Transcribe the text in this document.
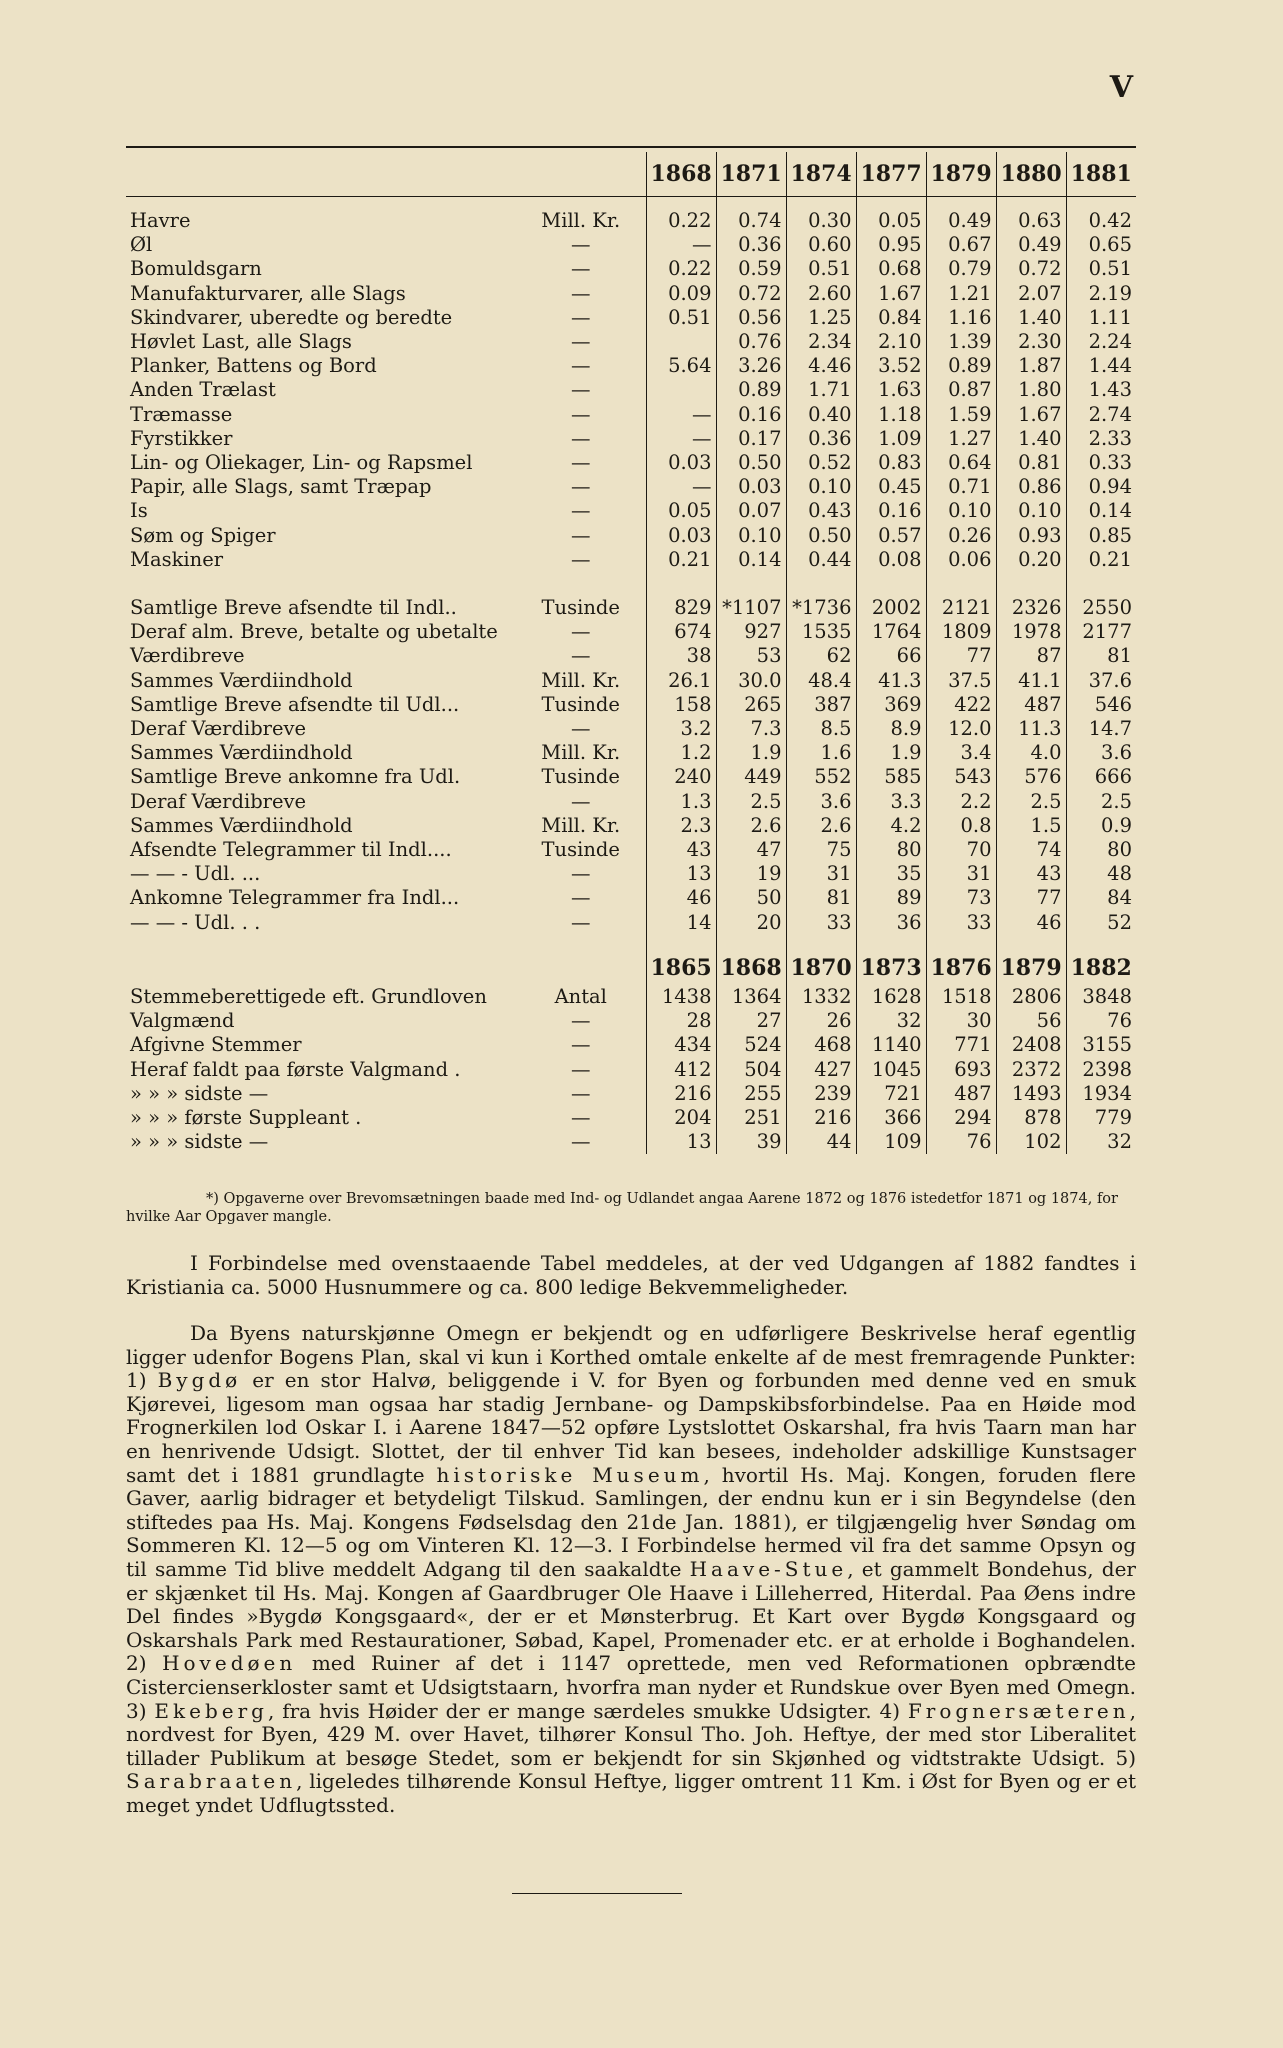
V
		1868	1871	1874	1877	1879	1880	1881
Havre	Mill. Kr.	0.22	0.74	0.30	0.05	0.49	0.63	0.42
Øl	—	—	0.36	0.60	0.95	0.67	0.49	0.65
Bomuldsgarn	—	0.22	0.59	0.51	0.68	0.79	0.72	0.51
Manufakturvarer, alle Slags	—	0.09	0.72	2.60	1.67	1.21	2.07	2.19
Skindvarer, uberedte og beredte	—	0.51	0.56	1.25	0.84	1.16	1.40	1.11
Høvlet Last, alle Slags	—		0.76	2.34	2.10	1.39	2.30	2.24
Planker, Battens og Bord	—	5.64	3.26	4.46	3.52	0.89	1.87	1.44
Anden Trælast	—		0.89	1.71	1.63	0.87	1.80	1.43
Træmasse	—	—	0.16	0.40	1.18	1.59	1.67	2.74
Fyrstikker	—	—	0.17	0.36	1.09	1.27	1.40	2.33
Lin- og Oliekager, Lin- og Rapsmel	—	0.03	0.50	0.52	0.83	0.64	0.81	0.33
Papir, alle Slags, samt Træpap	—	—	0.03	0.10	0.45	0.71	0.86	0.94
Is	—	0.05	0.07	0.43	0.16	0.10	0.10	0.14
Søm og Spiger	—	0.03	0.10	0.50	0.57	0.26	0.93	0.85
Maskiner	—	0.21	0.14	0.44	0.08	0.06	0.20	0.21

Samtlige Breve afsendte til Indl..	Tusinde	829	*1107	*1736	2002	2121	2326	2550
Deraf alm. Breve, betalte og ubetalte	—	674	927	1535	1764	1809	1978	2177
Værdibreve	—	38	53	62	66	77	87	81
Sammes Værdiindhold	Mill. Kr.	26.1	30.0	48.4	41.3	37.5	41.1	37.6
Samtlige Breve afsendte til Udl...	Tusinde	158	265	387	369	422	487	546
Deraf Værdibreve	—	3.2	7.3	8.5	8.9	12.0	11.3	14.7
Sammes Værdiindhold	Mill. Kr.	1.2	1.9	1.6	1.9	3.4	4.0	3.6
Samtlige Breve ankomne fra Udl.	Tusinde	240	449	552	585	543	576	666
Deraf Værdibreve	—	1.3	2.5	3.6	3.3	2.2	2.5	2.5
Sammes Værdiindhold	Mill. Kr.	2.3	2.6	2.6	4.2	0.8	1.5	0.9
Afsendte Telegrammer til Indl....	Tusinde	43	47	75	80	70	74	80
— — - Udl. ...	—	13	19	31	35	31	43	48
Ankomne Telegrammer fra Indl...	—	46	50	81	89	73	77	84
— — - Udl. . .	—	14	20	33	36	33	46	52
		1865	1868	1870	1873	1876	1879	1882
Stemmeberettigede eft. Grundloven	Antal	1438	1364	1332	1628	1518	2806	3848
Valgmænd	—	28	27	26	32	30	56	76
Afgivne Stemmer	—	434	524	468	1140	771	2408	3155
Heraf faldt paa første Valgmand .	—	412	504	427	1045	693	2372	2398
» » » sidste —	—	216	255	239	721	487	1493	1934
» » » første Suppleant .	—	204	251	216	366	294	878	779
» » » sidste —	—	13	39	44	109	76	102	32
*) Opgaverne over Brevomsætningen baade med Ind- og Udlandet angaa Aarene 1872 og 1876 istedetfor 1871 og 1874, for hvilke Aar Opgaver mangle.

I Forbindelse med ovenstaaende Tabel meddeles, at der ved Udgangen af 1882 fandtes i Kristiania ca. 5000 Husnummere og ca. 800 ledige Bekvemmeligheder.

Da Byens naturskjønne Omegn er bekjendt og en udførligere Beskrivelse heraf egentlig ligger udenfor Bogens Plan, skal vi kun i Korthed omtale enkelte af de mest fremragende Punkter: 1) Bygdø er en stor Halvø, beliggende i V. for Byen og forbunden med denne ved en smuk Kjørevei, ligesom man ogsaa har stadig Jernbane- og Dampskibsforbindelse. Paa en Høide mod Frognerkilen lod Oskar I. i Aarene 1847—52 opføre Lystslottet Oskarshal, fra hvis Taarn man har en henrivende Udsigt. Slottet, der til enhver Tid kan besees, indeholder adskillige Kunstsager samt det i 1881 grundlagte historiske Museum, hvortil Hs. Maj. Kongen, foruden flere Gaver, aarlig bidrager et betydeligt Tilskud. Samlingen, der endnu kun er i sin Begyndelse (den stiftedes paa Hs. Maj. Kongens Fødselsdag den 21de Jan. 1881), er tilgjængelig hver Søndag om Sommeren Kl. 12—5 og om Vinteren Kl. 12—3. I Forbindelse hermed vil fra det samme Opsyn og til samme Tid blive meddelt Adgang til den saakaldte Haave-Stue, et gammelt Bondehus, der er skjænket til Hs. Maj. Kongen af Gaardbruger Ole Haave i Lilleherred, Hiterdal. Paa Øens indre Del findes »Bygdø Kongsgaard«, der er et Mønsterbrug. Et Kart over Bygdø Kongsgaard og Oskarshals Park med Restaurationer, Søbad, Kapel, Promenader etc. er at erholde i Boghandelen. 2) Hovedøen med Ruiner af det i 1147 oprettede, men ved Reformationen opbrændte Cistercienserkloster samt et Udsigtstaarn, hvorfra man nyder et Rundskue over Byen med Omegn. 3) Ekeberg, fra hvis Høider der er mange særdeles smukke Udsigter. 4) Frognersæteren, nordvest for Byen, 429 M. over Havet, tilhører Konsul Tho. Joh. Heftye, der med stor Liberalitet tillader Publikum at besøge Stedet, som er bekjendt for sin Skjønhed og vidtstrakte Udsigt. 5) Sarabraaten, ligeledes tilhørende Konsul Heftye, ligger omtrent 11 Km. i Øst for Byen og er et meget yndet Udflugtssted.
